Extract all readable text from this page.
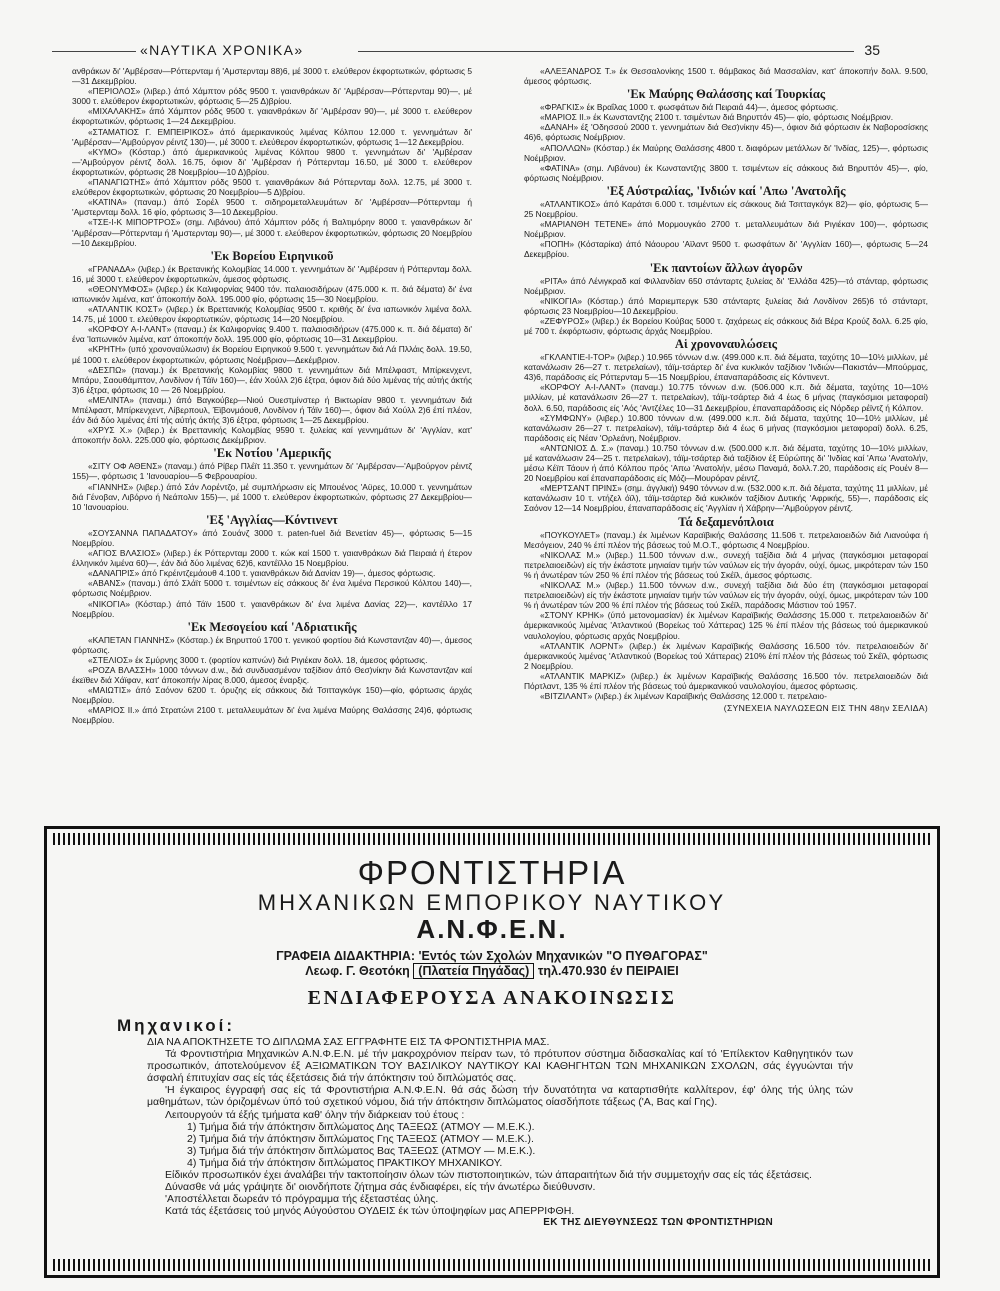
«ΝΑΥΤΙΚΑ ΧΡΟΝΙΚΑ»	35

ανθράκων δι' 'Αμβέρσαν—Ρόττερνταμ ή 'Αμστερνταμ 88)6, μέ 3000 τ. ελεύθερον έκφορτωτικών, φόρτωσις 5—31 Δεκεμβρίου.

«ΠΕΡΙΟΛΟΣ» (λιβερ.) άπό Χάμπτον ρόδς 9500 τ. γαιανθράκων δι' 'Αμβέρσαν—Ρόττερνταμ 90)—, μέ 3000 τ. ελεύθερον έκφορτωτικών, φόρτωσις 5—25 Δ)βρίου.

«ΜΙΧΑΛΑΚΗΣ» άπό Χάμπτον ρόδς 9500 τ. γαιανθράκων δι' 'Αμβέρσαν 90)—, μέ 3000 τ. ελεύθερον έκφορτωτικών, φόρτωσις 1—24 Δεκεμβρίου.

«ΣΤΑΜΑΤΙΟΣ Γ. ΕΜΠΕΙΡΙΚΟΣ» άπό άμερικανικούς λιμένας Κόλπου 12.000 τ. γεννημάτων δι' 'Αμβέρσαν—'Αμβούργον ρέιντζ 130)—, μέ 3000 τ. ελεύθερον έκφορτωτικών, φόρτωσις 1—12 Δεκεμβρίου.

«ΚΥΜΟ» (Κόσταρ.) άπό άμερικανικούς λιμένας Κόλπου 9800 τ. γεννημάτων δι' 'Αμβέρσαν—'Αμβούργον ρέιντζ δολλ. 16.75, όφιον δι' 'Αμβέρσαν ή Ρόττερνταμ 16.50, μέ 3000 τ. ελεύθερον έκφορτωτικών, φόρτωσις 28 Νοεμβρίου—10 Δ)βρίου.

«ΠΑΝΑΓΙΩΤΗΣ» άπό Χάμπτον ρόδς 9500 τ. γαιανθράκων διά Ρόττερνταμ δολλ. 12.75, μέ 3000 τ. ελεύθερον έκφορτωτικών, φόρτωσις 20 Νοεμβρίου—5 Δ)βρίου.

«ΚΑΤΙΝΑ» (παναμ.) άπό Σορέλ 9500 τ. σιδηρομεταλλευμάτων δι' 'Αμβέρσαν—Ρόττερνταμ ή 'Αμστερνταμ δολλ. 16 φίο, φόρτωσις 3—10 Δεκεμβρίου.

«ΤΣΕ-Ι-Κ ΜΙΠΟΡΤΡΟΣ» (σημ. Λιβάνου) άπό Χάμπτον ρόδς ή Βαλτιμόρην 8000 τ. γαιανθράκων δι' 'Αμβέρσαν—Ρόττερνταμ ή 'Αμστερνταμ 90)—, μέ 3000 τ. ελεύθερον έκφορτωτικών, φόρτωσις 20 Νοεμβρίου—10 Δεκεμβρίου.

'Εκ Βορείου Ειρηνικοῦ

«ΓΡΑΝΑΔΑ» (λιβερ.) έκ Βρετανικής Κολομβίας 14.000 τ. γεννημάτων δι' 'Αμβέρσαν ή Ρόττερνταμ δολλ. 16, μέ 3000 τ. ελεύθερον έκφορτωτικών, άμεσος φόρτωσις.

«ΘΕΟΝΥΜΦΟΣ» (λιβερ.) έκ Καλιφορνίας 9400 τόν. παλαιοσιδήρων (475.000 κ. π. διά δέματα) δι' ένα ιαπωνικόν λιμένα, κατ' άποκοπήν δολλ. 195.000 φίο, φόρτωσις 15—30 Νοεμβρίου.

«ΑΤΛΑΝΤΙΚ ΚΟΣΤ» (λιβερ.) έκ Βρεττανικής Κολομβίας 9500 τ. κριθής δι' ένα ιαπωνικόν λιμένα δολλ. 14.75, μέ 1000 τ. ελεύθερον έκφορτωτικών, φόρτωσις 14—20 Νοεμβρίου.

«ΚΟΡΦΟΥ Α-Ι-ΛΑΝΤ» (παναμ.) έκ Καλιφορνίας 9.400 τ. παλαιοσιδήρων (475.000 κ. π. διά δέματα) δι' ένα 'Ιαπωνικόν λιμένα, κατ' άποκοπήν δολλ. 195.000 φίο, φόρτωσις 10—31 Δεκεμβρίου.

«ΚΡΗΤΗ» (υπό χρονοναύλωσιν) έκ Βορείου Ειρηνικού 9.500 τ. γεννημάτων διά Λά Πλλάις δολλ. 19.50, μέ 1000 τ. ελεύθερον έκφορτωτικών, φόρτωσις Νοέμβριον—Δεκέμβριον.

«ΔΕΣΠΩ» (παναμ.) έκ Βρετανικής Κολομβίας 9800 τ. γεννημάτων διά Μπέλφαστ, Μπίρκενχεντ, Μπάρυ, Σαουθάμπτον, Λονδίνον ή Τάϊν 160)—, έάν Χούλλ 2)6 έξτρα, όφιον διά δύο λιμένας τής αύτής άκτής 3)6 έξτρα, φόρτωσις 10 — 26 Νοεμβρίου.

«ΜΕΛΙΝΤΑ» (παναμ.) άπό Βαγκούβερ—Νιού Ουεστμίνστερ ή Βικτωρίαν 9800 τ. γεννημάτων διά Μπέλφαστ, Μπίρκενχεντ, Λίβερπουλ, Έϊβονμάουθ, Λονδίνον ή Τάϊν 160)—, όφιον διά Χούλλ 2)6 έπί πλέον, έάν διά δύο λιμένας έπί τής αύτής άκτής 3)6 έξτρα, φόρτωσις 1—25 Δεκεμβρίου.

«ΧΡΥΣ Χ.» (λιβερ.) έκ Βρεττανικής Κολομβίας 9590 τ. ξυλείας καί γεννημάτων δι' 'Αγγλίαν, κατ' άποκοπήν δολλ. 225.000 φίο, φόρτωσις Δεκέμβριον.

'Εκ Νοτίου 'Αμερικῆς

«ΣΙΤΥ ΟΦ ΑΘΕΝΣ» (παναμ.) άπό Ρίβερ Πλέϊτ 11.350 τ. γεννημάτων δι' 'Αμβέρσαν—'Αμβούργον ρέιντζ 155)—, φόρτωσις 1 'Ιανουαρίου—5 Φεβρουαρίου.

«ΓΙΑΝΝΗΣ» (λιβερ.) άπό Σάν Λορέντζο, μέ συμπλήρωσιν είς Μπουένος 'Αϋρες, 10.000 τ. γεννημάτων διά Γένοβαν, Λιβόρνο ή Νεάπολιν 155)—, μέ 1000 τ. ελεύθερον έκφορτωτικών, φόρτωσις 27 Δεκεμβρίου—10 'Ιανουαρίου.

'Εξ 'Αγγλίας—Κόντινεντ

«ΣΟΥΣΑΝΝΑ ΠΑΠΑΔΑΤΟΥ» άπό Σουάνζ 3000 τ. paten-fuel διά Βενετίαν 45)—, φόρτωσις 5—15 Νοεμβρίου.

«ΑΓΙΟΣ ΒΛΑΣΙΟΣ» (λιβερ.) έκ Ρόττερνταμ 2000 τ. κώκ καί 1500 τ. γαιανθράκων διά Πειραιά ή έτερον έλληνικόν λιμένα 60)—, έάν διά δύο λιμένας 62)6, καντέϊλλο 15 Νοεμβρίου.

«ΔΑΝΑΠΡΙΣ» άπό Γκρέιντζεμάουθ 4.100 τ. γαιανθράκων διά Δανίαν 19)—, άμεσος φόρτωσις.

«ΑΒΑΝΣ» (παναμ.) άπό Σλάϊτ 5000 τ. τσιμέντων είς σάκκους δι' ένα λιμένα Περσικού Κόλπου 140)—, φόρτωσις Νοέμβριον.

«ΝΙΚΟΓΙΑ» (Κόσταρ.) άπό Τάϊν 1500 τ. γαιανθράκων δι' ένα λιμένα Δανίας 22)—, καντέϊλλο 17 Νοεμβρίου.

'Εκ Μεσογείου καί 'Αδριατικῆς

«ΚΑΠΕΤΑΝ ΓΙΑΝΝΗΣ» (Κόσταρ.) έκ Βηρυττού 1700 τ. γενικού φορτίου διά Κωνσταντζαν 40)—, άμεσος φόρτωσις.

«ΣΤΕΛΙΟΣ» έκ Σμύρνης 3000 τ. (φορτίον καπνών) διά Ριγιέκαν δολλ. 18, άμεσος φόρτωσις.

«ΡΟΖΑ ΒΛΑΣΣΗ» 1000 τόννων d.w., διά συνδυασμένον ταξίδιον άπό Θεσ)νίκην διά Κωνσταντζαν καί έκεϊθεν διά Χάϊφαν, κατ' άποκοπήν λίρας 8.000, άμεσος έναρξις.

«ΜΑΙΩΤΙΣ» άπό Σαόνον 6200 τ. όρυζης είς σάκκους διά Τσιτταγκόγκ 150)—φίο, φόρτωσις άρχάς Νοεμβρίου.

«ΜΑΡΙΟΣ ΙΙ.» άπό Στρατώνι 2100 τ. μεταλλευμάτων δι' ένα λιμένα Μαύρης Θαλάσσης 24)6, φόρτωσις Νοεμβρίου.

«ΑΛΕΞΑΝΔΡΟΣ Τ.» έκ Θεσσαλονίκης 1500 τ. θάμβακος διά Μασσαλίαν, κατ' άποκοπήν δολλ. 9.500, άμεσος φόρτωσις.

'Εκ Μαύρης Θαλάσσης καί Τουρκίας

«ΦΡΑΓΚΙΣ» έκ Βραΐλας 1000 τ. φωσφάτων διά Πειραιά 44)—, άμεσος φόρτωσις.

«ΜΑΡΙΟΣ ΙΙ.» έκ Κωνσταντζης 2100 τ. τσιμέντων διά Βηρυττόν 45)— φίο, φόρτωσις Νοέμβριον.

«ΔΑΝΑΗ» έξ 'Οδησσού 2000 τ. γεννημάτων διά Θεσ)νίκην 45)—, όφιον διά φόρτωσιν έκ Ναβοροσίσκης 46)6, φόρτωσις Νοέμβριον.

«ΑΠΟΛΛΩΝ» (Κόσταρ.) έκ Μαύρης Θαλάσσης 4800 τ. διαφόρων μετάλλων δι' 'Ινδίας, 125)—, φόρτωσις Νοέμβριον.

«ΦΑΤΙΝΑ» (σημ. Λιβάνου) έκ Κωνσταντζης 3800 τ. τσιμέντων είς σάκκους διά Βηρυττόν 45)—, φίο, φόρτωσις Νοέμβριον.

'Εξ Αύστραλίας, 'Ινδιών καί 'Απω 'Ανατολῆς

«ΑΤΛΑΝΤΙΚΟΣ» άπό Καράτσι 6.000 τ. τσιμέντων είς σάκκους διά Τσιτταγκόγκ 82)— φίο, φόρτωσις 5—25 Νοεμβρίου.

«ΜΑΡΙΑΝΘΗ ΤΕΤΕΝΕ» άπό Μορμουγκάο 2700 τ. μεταλλευμάτων διά Ριγιέκαν 100)—, φόρτωσις Νοέμβριον.

«ΠΟΠΗ» (Κόσταρίκα) άπό Νάουρου 'Αϊλαντ 9500 τ. φωσφάτων δι' 'Αγγλίαν 160)—, φόρτωσις 5—24 Δεκεμβρίου.

'Εκ παντοίων ἄλλων ἀγορῶν

«ΡΙΤΑ» άπό Λένιγκραδ καί Φιλλανδίαν 650 στάνταρτς ξυλείας δι' 'Ελλάδα 425)—τό στάνταρ, φόρτωσις Νοέμβριον.

«ΝΙΚΟΓΙΑ» (Κόσταρ.) άπό Μαριεμπεργκ 530 στάνταρτς ξυλείας διά Λονδίνον 265)6 τό στάνταρτ, φόρτωσις 23 Νοεμβρίου—10 Δεκεμβρίου.

«ΖΕΦΥΡΟΣ» (λιβερ.) έκ Βορείου Κούβας 5000 τ. ζαχάρεως είς σάκκους διά Βέρα Κρούζ δολλ. 6.25 φίο, μέ 700 τ. έκφόρτωσιν, φόρτωσις άρχάς Νοεμβρίου.

Αἱ χρονοναυλώσεις

«ΓΚΛΑΝΤΙΕ-Ι-ΤΟΡ» (λιβερ.) 10.965 τόννων d.w. (499.000 κ.π. διά δέματα, ταχύτης 10—10½ μιλλίων, μέ κατανάλωσιν 26—27 τ. πετρελαίων), τάϊμ-τσάρτερ δι' ένα κυκλικόν ταξίδιον 'Ινδιών—Πακιστάν—Μπούρμας, 43)6, παράδοσις είς Ρόττερνταμ 5—15 Νοεμβρίου, έπαναπαράδοσις είς Κόντινεντ.

«ΚΟΡΦΟΥ Α-Ι-ΛΑΝΤ» (παναμ.) 10.775 τόννων d.w. (506.000 κ.π. διά δέματα, ταχύτης 10—10½ μιλλίων, μέ κατανάλωσιν 26—27 τ. πετρελαίων), τάϊμ-τσάρτερ διά 4 έως 6 μήνας (παγκόσμιοι μεταφοραί) δολλ. 6.50, παράδοσις είς 'Αός 'Αντζέλες 10—31 Δεκεμβρίου, έπαναπαράδοσις είς Νόρδερ ρέϊντζ ή Κόλπον.

«ΣΥΜΦΩΝΥ» (λιβερ.) 10.800 τόννων d.w. (499.000 κ.π. διά δέματα, ταχύτης 10—10½ μιλλίων, μέ κατανάλωσιν 26—27 τ. πετρελαίων), τάϊμ-τσάρτερ διά 4 έως 6 μήνας (παγκόσμιοι μεταφοραί) δολλ. 6.25, παράδοσις είς Νέαν 'Ορλεάνη, Νοέμβριον.

«ΑΝΤΩΝΙΟΣ Δ. Σ.» (παναμ.) 10.750 τόννων d.w. (500.000 κ.π. διά δέματα, ταχύτης 10—10½ μιλλίων, μέ κατανάλωσιν 24—25 τ. πετρελαίων), τάϊμ-τσάρτερ διά ταξίδιον έξ Εύρώπης δι' 'Ινδίας καί 'Απω 'Ανατολήν, μέσω Κέϊπ Τάουν ή άπό Κόλπου πρός 'Απω 'Ανατολήν, μέσω Παναμά, δολλ.7.20, παράδοσις είς Ρουέν 8—20 Νοεμβρίου καί έπαναπαράδοσις είς Μόζι—Μουρόραν ρέιντζ.

«ΜΕΡΤΣΑΝΤ ΠΡΙΝΣ» (σημ. άγγλική) 9490 τόννων d.w. (532.000 κ.π. διά δέματα, ταχύτης 11 μιλλίων, μέ κατανάλωσιν 10 τ. ντήζελ όϊλ), τάϊμ-τσάρτερ διά κυκλικόν ταξίδιον Δυτικής 'Αφρικής, 55)—, παράδοσις είς Σαόνον 12—14 Νοεμβρίου, έπαναπαράδοσις είς 'Αγγλίαν ή Χάβρην—'Αμβούργον ρέιντζ.

Τά δεξαμενόπλοια

«ΠΟΥΚΟΥΛΕΤ» (παναμ.) έκ λιμένων Καραϊβικής Θαλάσσης 11.506 τ. πετρελαιοειδών διά Λιανούφα ή Μεσόγειον, 240 % έπί πλέον τής βάσεως τού Μ.Ο.Τ., φόρτωσις 4 Νοεμβρίου.

«ΝΙΚΟΛΑΣ Μ.» (λιβερ.) 11.500 τόννων d.w., συνεχή ταξίδια διά 4 μήνας (παγκόσμιοι μεταφοραί πετρελαιοειδών) είς τήν έκάστοτε μηνιαίαν τιμήν τών ναύλων είς τήν άγοράν, ούχί, όμως, μικρότεραν τών 150 % ή άνωτέραν τών 250 % έπί πλέον τής βάσεως τού Σκέϊλ, άμεσος φόρτωσις.

«ΝΙΚΟΛΑΣ Μ.» (λιβερ.) 11.500 τόννων d.w., συνεχή ταξίδια διά δύο έτη (παγκόσμιοι μεταφοραί πετρελαιοειδών) είς τήν έκάστοτε μηνιαίαν τιμήν τών ναύλων είς τήν άγοράν, ούχί, όμως, μικρότεραν τών 100 % ή άνωτέραν τών 200 % έπί πλέον τής βάσεως τού Σκέϊλ, παράδοσις Μάστιον τού 1957.

«ΣΤΟΝΥ ΚΡΗΚ» (ύπό μετονομασίαν) έκ λιμένων Καραϊβικής Θαλάσσης 15.000 τ. πετρελαιοειδών δι' άμερικανικούς λιμένας 'Ατλαντικού (Βορείως τού Χάττερας) 125 % έπί πλέον τής βάσεως τού άμερικανικού ναυλολογίου, φόρτωσις αρχάς Νοεμβρίου.

«ΑΤΛΑΝΤΙΚ ΛΟΡΝΤ» (λιβερ.) έκ λιμένων Καραϊβικής Θαλάσσης 16.500 τόν. πετρελαιοειδών δι' άμερικανικούς λιμένας 'Ατλαντικού (Βορείως τού Χάττερας) 210% έπί πλέον τής βάσεως τού Σκέϊλ, φόρτωσις 2 Νοεμβρίου.

«ΑΤΛΑΝΤΙΚ ΜΑΡΚΙΖ» (λιβερ.) έκ λιμένων Καραϊβικής Θαλάσσης 16.500 τόν. πετρελαιοειδών διά Πόρτλαντ, 135 % έπί πλέον τής βάσεως τού άμερικανικού ναυλολογίου, άμεσος φόρτωσις.

«ΒΙΤΖΙΛΑΝΤ» (λιβερ.) έκ λιμένων Καραϊβικής Θαλάσσης 12.000 τ. πετρελαιο-

(ΣΥΝΕΧΕΙΑ ΝΑΥΛΩΣΕΩΝ ΕΙΣ ΤΗΝ 48ην ΣΕΛΙΔΑ)
ΦΡΟΝΤΙΣΤΗΡΙΑ
ΜΗΧΑΝΙΚΩΝ ΕΜΠΟΡΙΚΟΥ ΝΑΥΤΙΚΟΥ
Α.Ν.Φ.Ε.Ν.
ΓΡΑΦΕΙΑ ΔΙΔΑΚΤΗΡΙΑ: 'Εντός τών Σχολών Μηχανικών "Ο ΠΥΘΑΓΟΡΑΣ"
Λεωφ. Γ. Θεοτόκη (Πλατεία Πηγάδας) τηλ.470.930 έν ΠΕΙΡΑΙΕΙ
ΕΝΔΙΑΦΕΡΟΥΣΑ ΑΝΑΚΟΙΝΩΣΙΣ
Μηχανικοί:

ΔΙΑ ΝΑ ΑΠΟΚΤΗΣΕΤΕ ΤΟ ΔΙΠΛΩΜΑ ΣΑΣ ΕΓΓΡΑΦΗΤΕ ΕΙΣ ΤΑ ΦΡΟΝΤΙΣΤΗΡΙΑ ΜΑΣ.

Τά Φροντιστήρια Μηχανικών Α.Ν.Φ.Ε.Ν. μέ τήν μακροχρόνιον πείραν των, τό πρότυπον σύστημα διδασκαλίας καί τό 'Επίλεκτον Καθηγητικόν των προσωπικόν, άποτελούμενον έξ ΑΞΙΩΜΑΤΙΚΩΝ ΤΟΥ ΒΑΣΙΛΙΚΟΥ ΝΑΥΤΙΚΟΥ ΚΑΙ ΚΑΘΗΓΗΤΩΝ ΤΩΝ ΜΗΧΑΝΙΚΩΝ ΣΧΟΛΩΝ, σάς έγγυώνται τήν άσφαλή έπιτυχίαν σας είς τάς έξετάσεις διά τήν άπόκτησιν τού διπλώματός σας.

'Η έγκαιρος έγγραφή σας είς τά Φροντιστήρια Α.Ν.Φ.Ε.Ν. θά σάς δώση τήν δυνατότητα να καταρτισθήτε καλλίτερον, έφ' όλης τής ύλης τών μαθημάτων, τών όριζομένων ύπό τού σχετικού νόμου, διά τήν άπόκτησιν διπλώματος οίασδήποτε τάξεως ('Α, Βας καί Γης).

Λειτουργούν τά έξής τμήματα καθ' όλην τήν διάρκειαν τού έτους :

1) Τμήμα διά τήν άπόκτησιν διπλώματος Δης ΤΑΞΕΩΣ (ΑΤΜΟΥ — Μ.Ε.Κ.).
2) Τμήμα διά τήν άπόκτησιν διπλώματος Γης ΤΑΞΕΩΣ (ΑΤΜΟΥ — Μ.Ε.Κ.).
3) Τμήμα διά τήν άπόκτησιν διπλώματος Βας ΤΑΞΕΩΣ (ΑΤΜΟΥ — Μ.Ε.Κ.).
4) Τμήμα διά τήν άπόκτησιν διπλώματος ΠΡΑΚΤΙΚΟΥ ΜΗΧΑΝΙΚΟΥ.

Είδικόν προσωπικόν έχει άναλάβει τήν τακτοποίησιν όλων τών πιστοποιητικών, τών άπαραιτήτων διά τήν συμμετοχήν σας είς τάς έξετάσεις.

Δύνασθε νά μάς γράψητε δι' οιονδήποτε ζήτημα σάς ένδιαφέρει, είς τήν άνωτέρω διεύθυνσιν.

'Αποστέλλεται δωρεάν τό πρόγραμμα τής έξεταστέας ύλης.

Κατά τάς έξετάσεις τού μηνός Αύγούστου ΟΥΔΕΙΣ έκ τών ύποψηφίων μας ΑΠΕΡΡΙΦΘΗ.

ΕΚ ΤΗΣ ΔΙΕΥΘΥΝΣΕΩΣ ΤΩΝ ΦΡΟΝΤΙΣΤΗΡΙΩΝ
